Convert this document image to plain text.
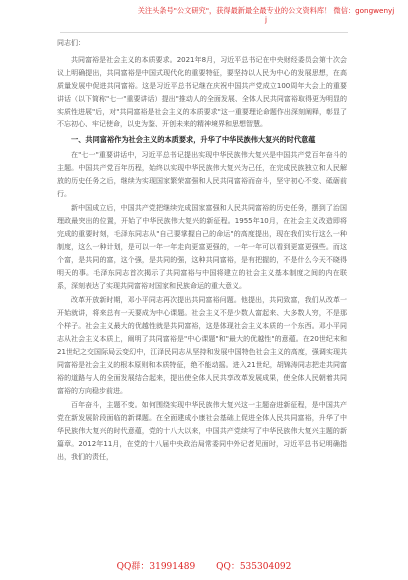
关注头条号"公文研究"，获得最新最全最专业的公文资料库！ 微信：gongwenyj
j

同志们：

共同富裕是社会主义的本质要求。2021年8月，习近平总书记在中央财经委员会第十次会议上明确提出，共同富裕是中国式现代化的重要特征，要坚持以人民为中心的发展思想，在高质量发展中促进共同富裕。这是习近平总书记继在庆祝中国共产党成立100周年大会上的重要讲话（以下简称"七一"重要讲话）提出"推动人的全面发展、全体人民共同富裕取得更为明显的实质性进展"后，对"共同富裕是社会主义的本质要求"这一重要理论命题作出深刻阐释，彰显了不忘初心、牢记使命，以史为鉴、开创未来的精神境界和思想智慧。

一、共同富裕作为社会主义的本质要求，升华了中华民族伟大复兴的时代意蕴

在"七一"重要讲话中，习近平总书记提出实现中华民族伟大复兴是中国共产党百年奋斗的主题。中国共产党百年历程，始终以实现中华民族伟大复兴为己任，在完成民族独立和人民解放的历史任务之后，继续为实现国家繁荣富强和人民共同富裕而奋斗，坚守初心不变、砥砺前行。

新中国成立后，中国共产党把继续完成国家富强和人民共同富裕的历史任务，摆到了治国理政最突出的位置，开始了中华民族伟大复兴的新征程。1955年10月，在社会主义改造即将完成的重要时刻，毛泽东同志从"自己要掌握自己的命运"的高度提出，现在我们实行这么一种制度，这么一种计划，是可以一年一年走向更富更强的，一年一年可以看到更富更强些。而这个富，是共同的富，这个强，是共同的强，这种共同富裕，是有把握的，不是什么今天不晓得明天的事。毛泽东同志首次揭示了共同富裕与中国将建立的社会主义基本制度之间的内在联系，深刻表达了实现共同富裕对国家和民族命运的重大意义。

改革开放新时期，邓小平同志再次提出共同富裕问题。他提出，共同致富，我们从改革一开始就讲，将来总有一天要成为中心课题。社会主义不是少数人富起来、大多数人穷，不是那个样子。社会主义最大的优越性就是共同富裕，这是体现社会主义本质的一个东西。邓小平同志从社会主义本质上，阐明了共同富裕是"中心课题"和"最大的优越性"的意蕴。在20世纪末和21世纪之交国际局云变幻中，江泽民同志从坚持和发展中国特色社会主义的高度，强调实现共同富裕是社会主义的根本原则和本质特征，绝不能动摇。进入21世纪，胡锦涛同志把走共同富裕的道路与人的全面发展结合起来，提出使全体人民共享改革发展成果，使全体人民朝着共同富裕的方向稳步前进。

百年奋斗，主题不变。如何围绕实现中华民族伟大复兴这一主题奋进新征程，是中国共产党在新发展阶段面临的新课题。在全面建成小康社会基础上促进全体人民共同富裕，升华了中华民族伟大复兴的时代意蕴，党的十八大以来，中国共产党续写了中华民族伟大复兴主题的新篇章。2012年11月，在党的十八届中央政治局常委同中外记者见面时，习近平总书记明确指出，我们的责任，

QQ群：31991489 QQ：535304092
